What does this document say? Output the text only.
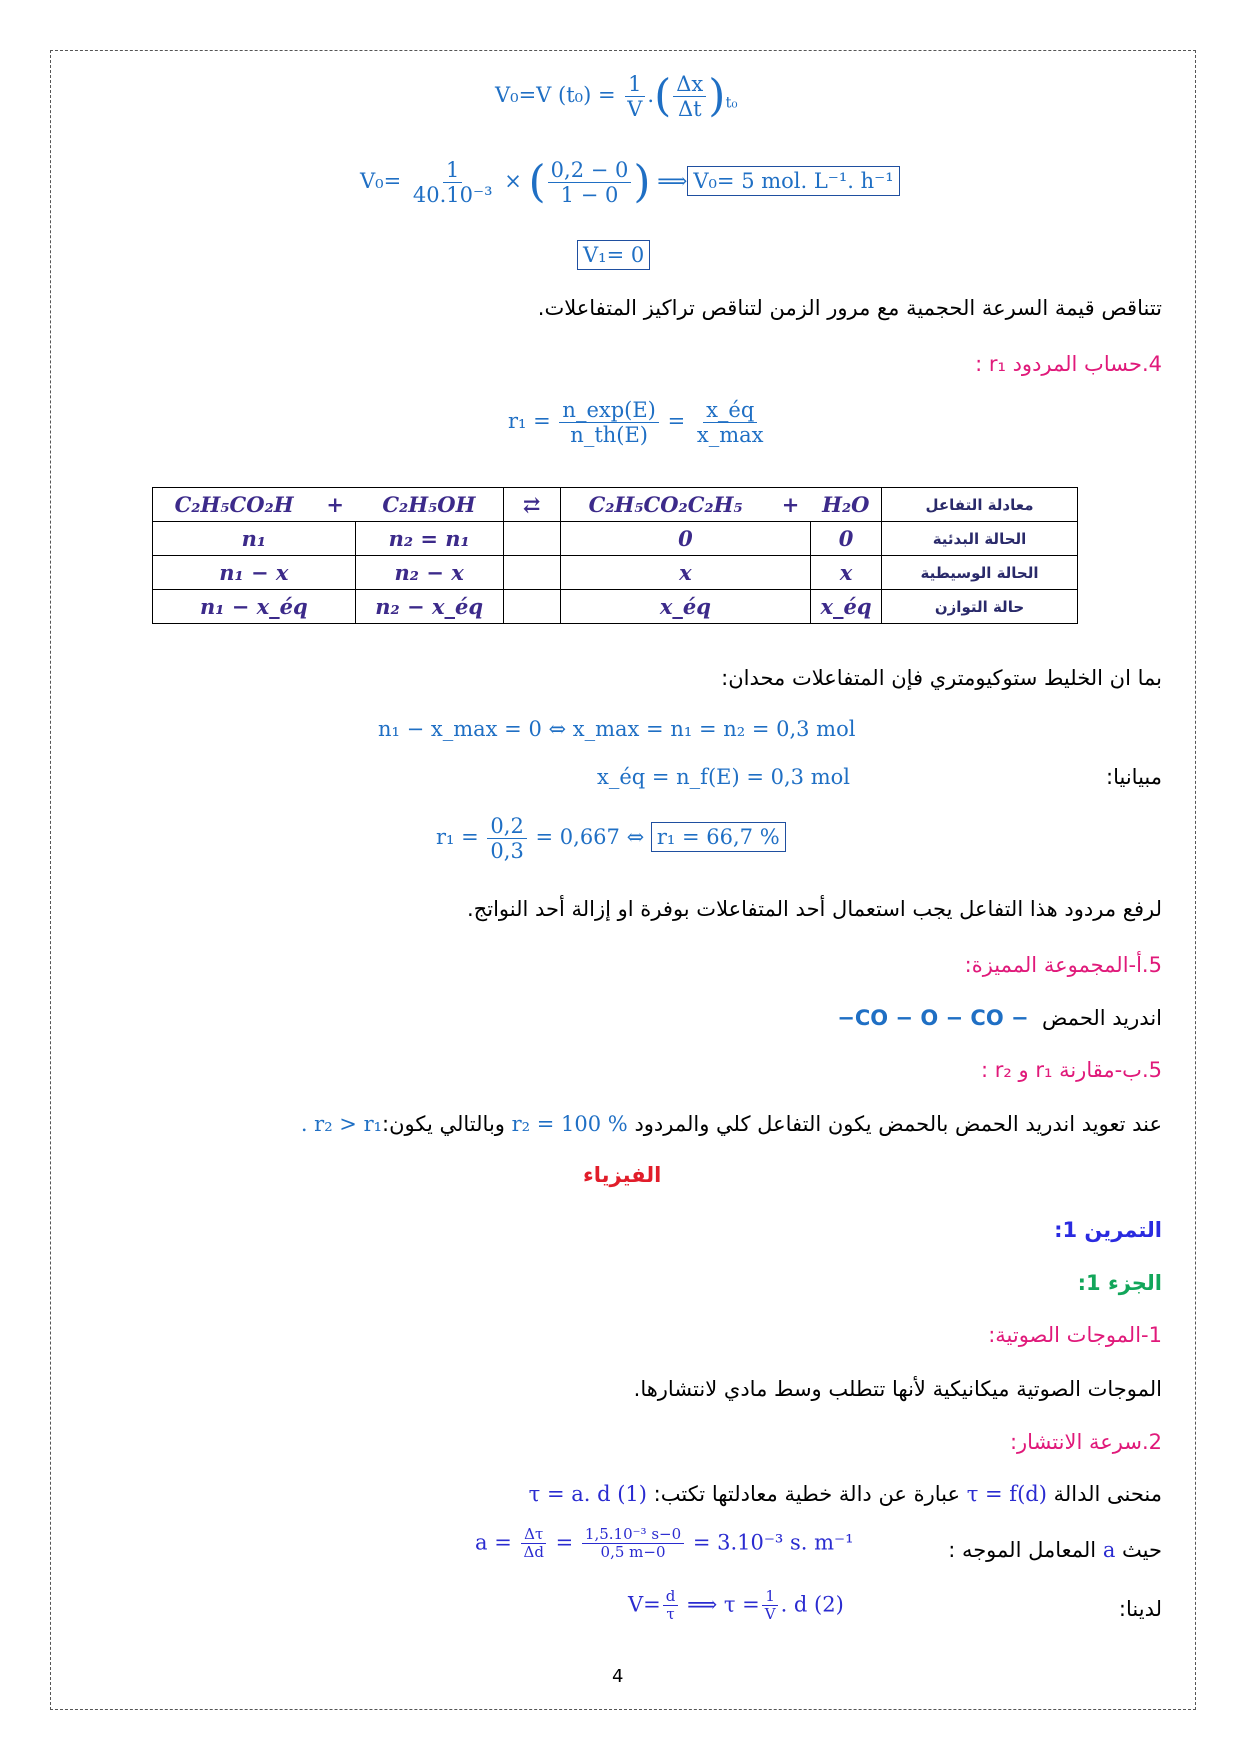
V₀=V $(t_0) = \frac{1}{V}$ .( $\frac{\Delta x}{\Delta t} )_{t_0}$
$V_0= \frac{1}{\text{40.10⁻³}}$ × ( $\frac{0,2 - 0}{1 - 0}$ ) ⟹ V₀= 5 mol. L⁻¹. h⁻¹
V₁= 0
تتناقص قيمة السرعة الحجمية مع مرور الزمن لتناقص تراكيز المتفاعلات.
4.حساب المردود r₁ :
$r_1 = \frac{n\_\exp(E)}{n\_th(E)} = \frac{x\_éq}{x\_\max}$
C₂H₅CO₂H	+	C₂H₅OH	⇄	C₂H₅CO₂C₂H₅	+	H₂O	معادلة التفاعل
n₁		n₂ = n₁		0		0	الحالة البدئية
n₁ − x		n₂ − x		x		x	الحالة الوسيطية
n₁ − x_éq		n₂ − x_éq		x_éq		x_éq	حالة التوازن
بما ان الخليط ستوكيومتري فإن المتفاعلات محدان:
n₁ − x_max = 0 ⇔ x_max = n₁ = n₂ = 0,3 mol
مبيانيا:
x_éq = n_f(E) = 0,3 mol
$r_1 = \frac{0,2}{0,3} = 0,667$ ⇔ r₁ = 66,7 %
لرفع مردود هذا التفاعل يجب استعمال أحد المتفاعلات بوفرة او إزالة أحد النواتج.
5.أ-المجموعة المميزة:
اندريد الحمض  −CO − O − CO −
5.ب-مقارنة r₁ و r₂ :
عند تعويد اندريد الحمض بالحمض يكون التفاعل كلي والمردود r₂ = 100 % وبالتالي يكون:. r₂ > r₁
الفيزياء
التمرين 1:
الجزء 1:
1-الموجات الصوتية:
الموجات الصوتية ميكانيكية لأنها تتطلب وسط مادي لانتشارها.
2.سرعة الانتشار:
منحنى الدالة τ = f(d) عبارة عن دالة خطية معادلتها تكتب: τ = a. d (1)
حيث a المعامل الموجه :
$a = \frac{\Delta\tau}{\Delta d} = \frac{\text{1,5.10⁻³ s−0}}{0,5 m-0} = 3.10^{-3}$ s. m⁻¹
لدينا:
$V= \frac{d}{\tau}$ ⟹ $\tau = \frac{1}{V}$ . d (2)
4
